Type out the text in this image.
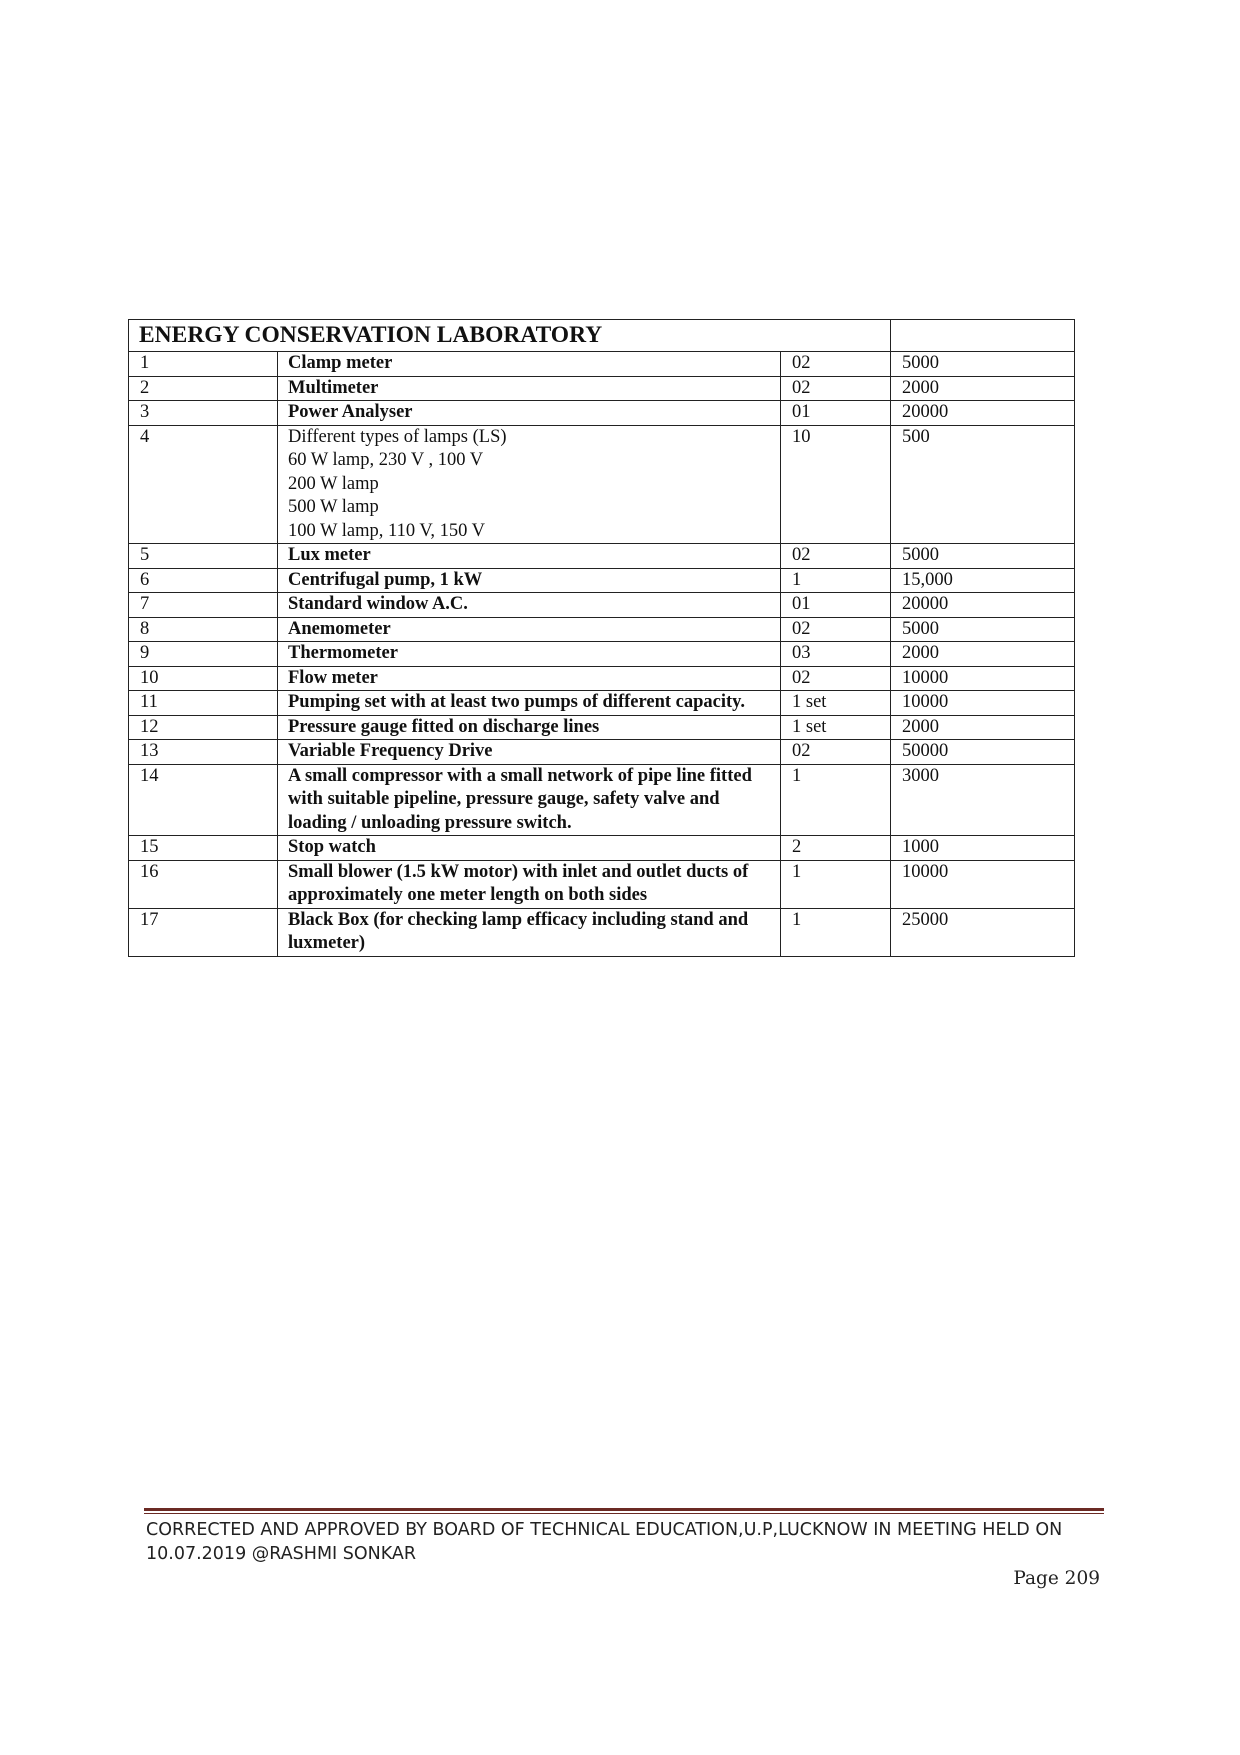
ENERGY CONSERVATION LABORATORY			
1	Clamp meter	02	5000
2	Multimeter	02	2000
3	Power Analyser	01	20000
4	Different types of lamps (LS)
60 W lamp, 230 V , 100 V
200 W lamp
500 W lamp
100 W lamp, 110 V, 150 V	10	500
5	Lux meter	02	5000
6	Centrifugal pump, 1 kW	1	15,000
7	Standard window A.C.	01	20000
8	Anemometer	02	5000
9	Thermometer	03	2000
10	Flow meter	02	10000
11	Pumping set with at least two pumps of different capacity.	1 set	10000
12	Pressure gauge fitted on discharge lines	1 set	2000
13	Variable Frequency Drive	02	50000
14	A small compressor with a small network of pipe line fitted with suitable pipeline, pressure gauge, safety valve and loading / unloading pressure switch.	1	3000
15	Stop watch	2	1000
16	Small blower (1.5 kW motor) with inlet and outlet ducts of approximately one meter length on both sides	1	10000
17	Black Box (for checking lamp efficacy including stand and luxmeter)	1	25000
CORRECTED AND APPROVED BY BOARD OF TECHNICAL EDUCATION,U.P,LUCKNOW IN MEETING HELD ON
10.07.2019 @RASHMI SONKAR
Page 209
